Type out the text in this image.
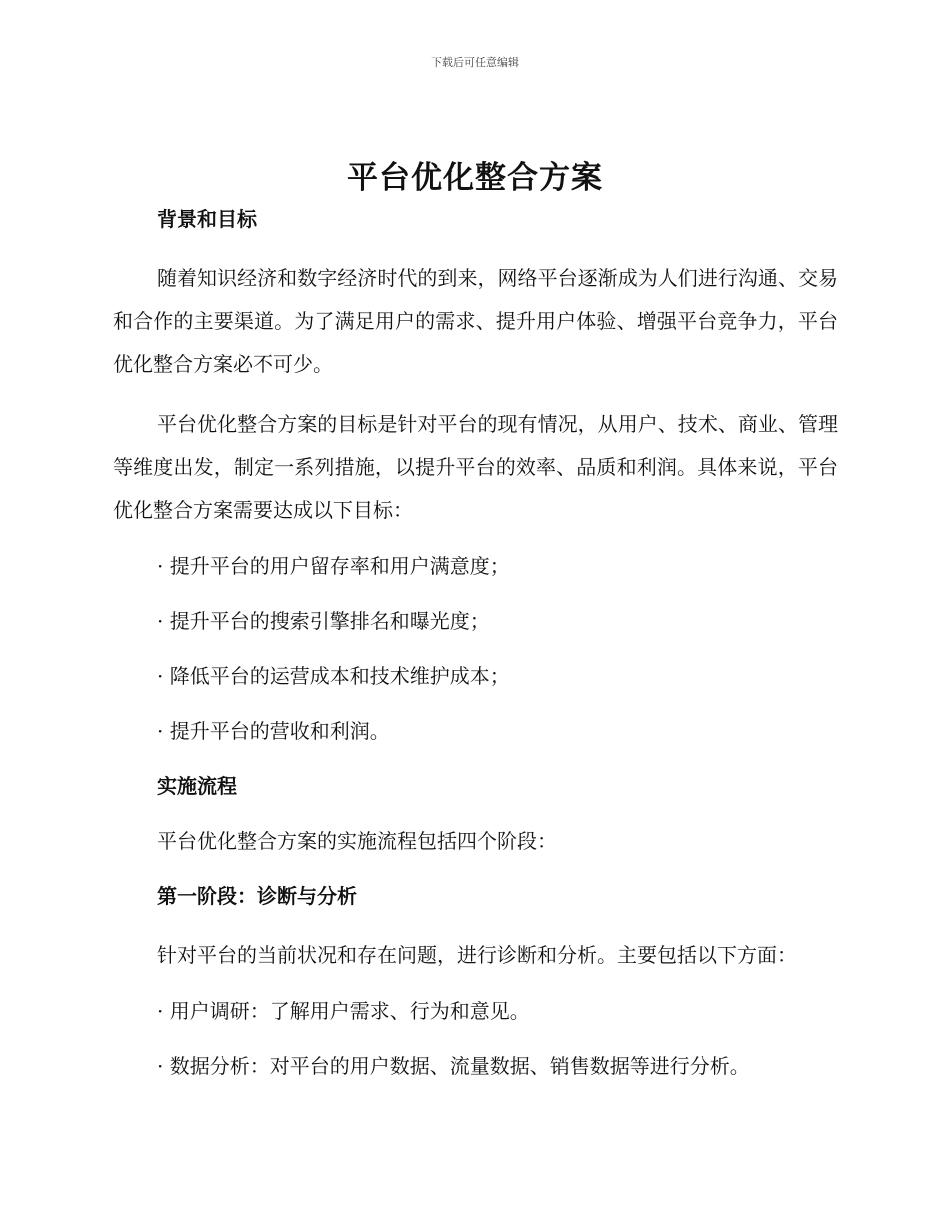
下载后可任意编辑
平台优化整合方案
背景和目标

随着知识经济和数字经济时代的到来，网络平台逐渐成为人们进行沟通、交易和合作的主要渠道。为了满足用户的需求、提升用户体验、增强平台竞争力，平台优化整合方案必不可少。

平台优化整合方案的目标是针对平台的现有情况，从用户、技术、商业、管理等维度出发，制定一系列措施，以提升平台的效率、品质和利润。具体来说，平台优化整合方案需要达成以下目标：

· 提升平台的用户留存率和用户满意度；
· 提升平台的搜索引擎排名和曝光度；
· 降低平台的运营成本和技术维护成本；
· 提升平台的营收和利润。
实施流程
平台优化整合方案的实施流程包括四个阶段：
第一阶段：诊断与分析

针对平台的当前状况和存在问题，进行诊断和分析。主要包括以下方面：

· 用户调研：了解用户需求、行为和意见。
· 数据分析：对平台的用户数据、流量数据、销售数据等进行分析。
